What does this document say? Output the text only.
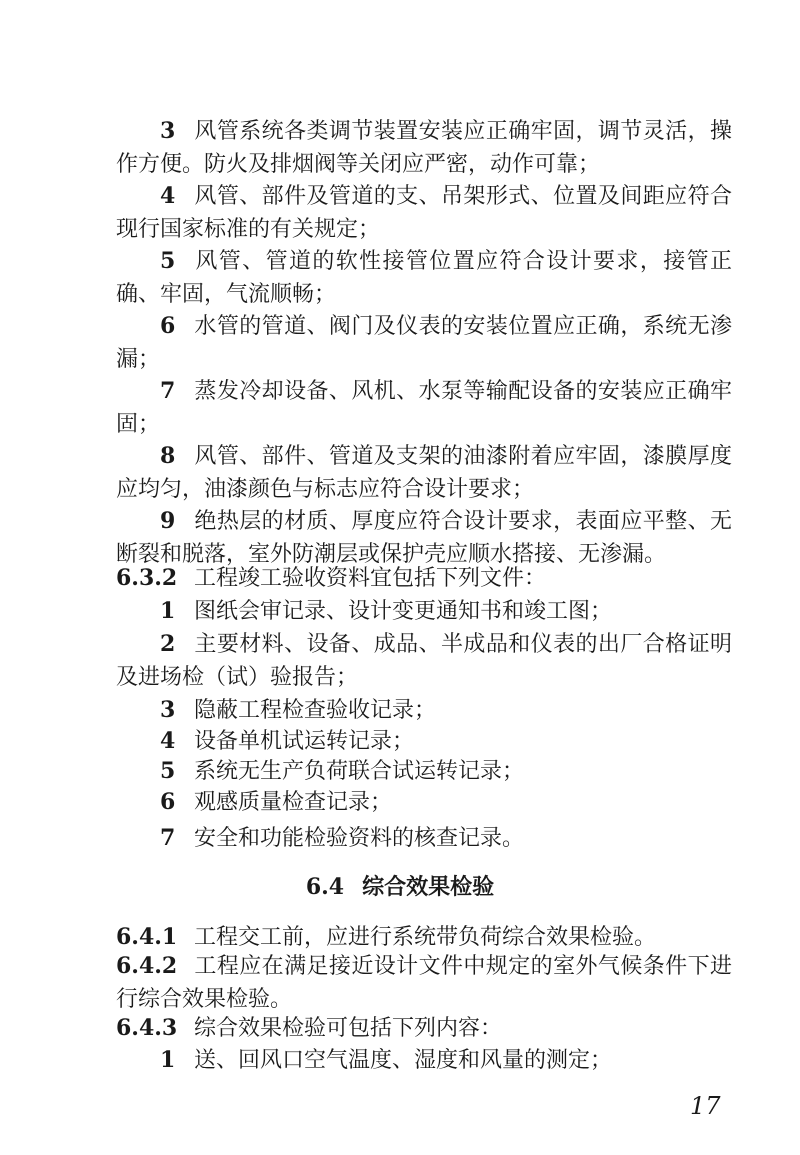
3 风管系统各类调节装置安装应正确牢固，调节灵活，操作方便。防火及排烟阀等关闭应严密，动作可靠；
4 风管、部件及管道的支、吊架形式、位置及间距应符合现行国家标准的有关规定；
5 风管、管道的软性接管位置应符合设计要求，接管正确、牢固，气流顺畅；
6 水管的管道、阀门及仪表的安装位置应正确，系统无渗漏；
7 蒸发冷却设备、风机、水泵等输配设备的安装应正确牢固；
8 风管、部件、管道及支架的油漆附着应牢固，漆膜厚度应均匀，油漆颜色与标志应符合设计要求；
9 绝热层的材质、厚度应符合设计要求，表面应平整、无断裂和脱落，室外防潮层或保护壳应顺水搭接、无渗漏。
6.3.2 工程竣工验收资料宜包括下列文件：
1 图纸会审记录、设计变更通知书和竣工图；
2 主要材料、设备、成品、半成品和仪表的出厂合格证明及进场检（试）验报告；
3 隐蔽工程检查验收记录；
4 设备单机试运转记录；
5 系统无生产负荷联合试运转记录；
6 观感质量检查记录；
7 安全和功能检验资料的核查记录。
6.4 综合效果检验
6.4.1 工程交工前，应进行系统带负荷综合效果检验。
6.4.2 工程应在满足接近设计文件中规定的室外气候条件下进行综合效果检验。
6.4.3 综合效果检验可包括下列内容：
1 送、回风口空气温度、湿度和风量的测定；
17
